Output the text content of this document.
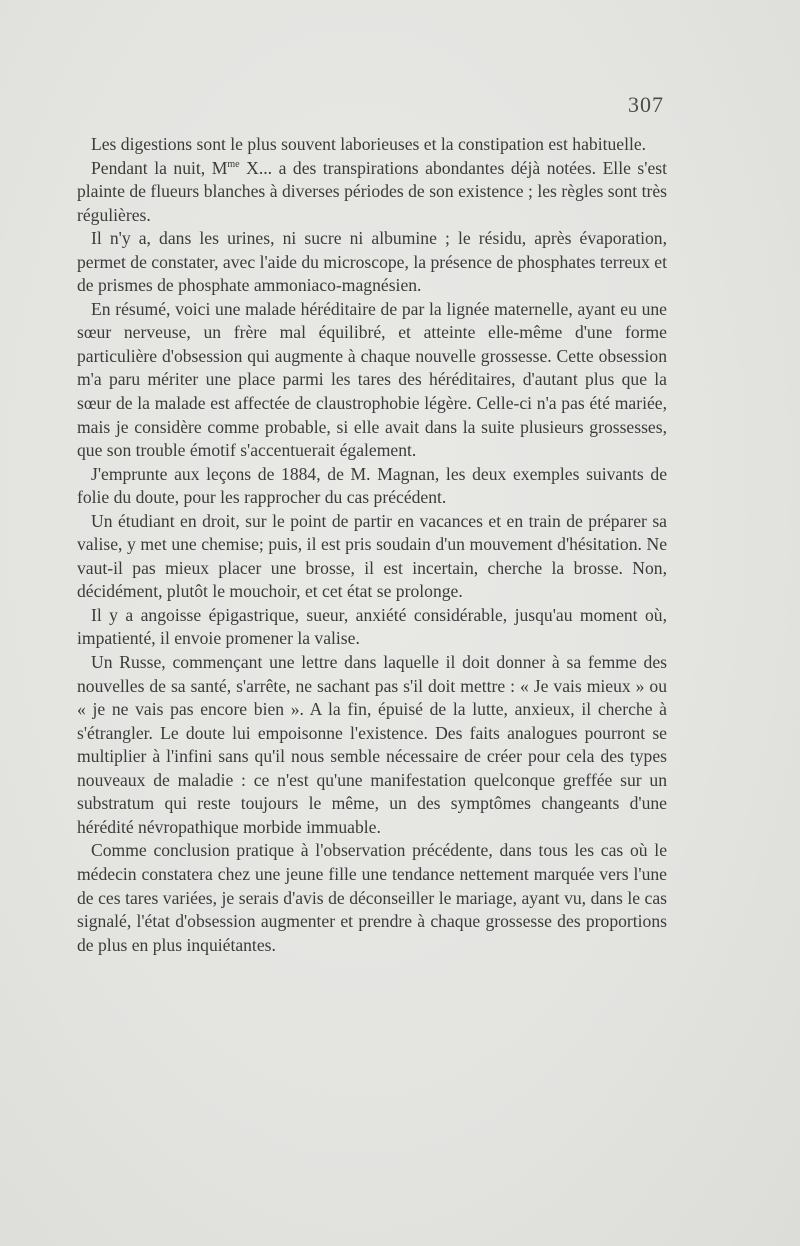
307

Les digestions sont le plus souvent laborieuses et la constipation est habituelle.

Pendant la nuit, $M^{me}$ X... a des transpirations abondantes déjà notées. Elle s'est plainte de flueurs blanches à diverses périodes de son existence ; les règles sont très régulières.

Il n'y a, dans les urines, ni sucre ni albumine ; le résidu, après évaporation, permet de constater, avec l'aide du microscope, la présence de phosphates terreux et de prismes de phosphate ammoniaco-magnésien.

En résumé, voici une malade héréditaire de par la lignée maternelle, ayant eu une sœur nerveuse, un frère mal équilibré, et atteinte elle-même d'une forme particulière d'obsession qui augmente à chaque nouvelle grossesse. Cette obsession m'a paru mériter une place parmi les tares des héréditaires, d'autant plus que la sœur de la malade est affectée de claustrophobie légère. Celle-ci n'a pas été mariée, mais je considère comme probable, si elle avait dans la suite plusieurs grossesses, que son trouble émotif s'accentuerait également.

J'emprunte aux leçons de 1884, de M. Magnan, les deux exemples suivants de folie du doute, pour les rapprocher du cas précédent.

Un étudiant en droit, sur le point de partir en vacances et en train de préparer sa valise, y met une chemise; puis, il est pris soudain d'un mouvement d'hésitation. Ne vaut-il pas mieux placer une brosse, il est incertain, cherche la brosse. Non, décidément, plutôt le mouchoir, et cet état se prolonge.

Il y a angoisse épigastrique, sueur, anxiété considérable, jusqu'au moment où, impatienté, il envoie promener la valise.

Un Russe, commençant une lettre dans laquelle il doit donner à sa femme des nouvelles de sa santé, s'arrête, ne sachant pas s'il doit mettre : « Je vais mieux » ou « je ne vais pas encore bien ». A la fin, épuisé de la lutte, anxieux, il cherche à s'étrangler. Le doute lui empoisonne l'existence. Des faits analogues pourront se multiplier à l'infini sans qu'il nous semble nécessaire de créer pour cela des types nouveaux de maladie : ce n'est qu'une manifestation quelconque greffée sur un substratum qui reste toujours le même, un des symptômes changeants d'une hérédité névropathique morbide immuable.

Comme conclusion pratique à l'observation précédente, dans tous les cas où le médecin constatera chez une jeune fille une tendance nettement marquée vers l'une de ces tares variées, je serais d'avis de déconseiller le mariage, ayant vu, dans le cas signalé, l'état d'obsession augmenter et prendre à chaque grossesse des proportions de plus en plus inquiétantes.
